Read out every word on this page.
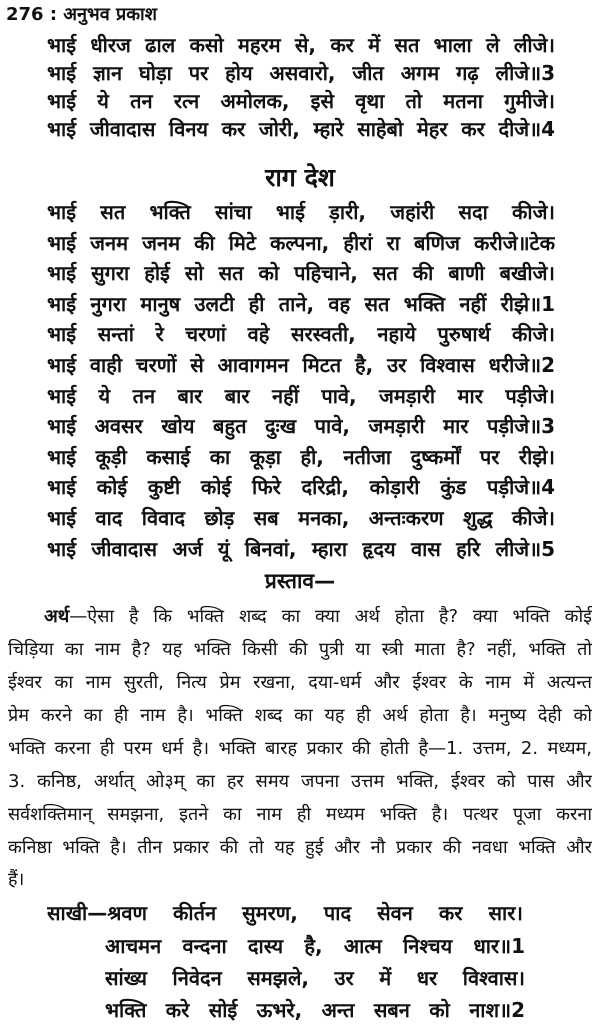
276 : अनुभव प्रकाश
भाई धीरज ढाल कसो महरम से, कर में सत भाला ले लीजे।
भाई ज्ञान घोड़ा पर होय असवारो, जीत अगम गढ़ लीजे॥3
भाई ये तन रत्न अमोलक, इसे वृथा तो मतना गुमीजे।
भाई जीवादास विनय कर जोरी, म्हारे साहेबो मेहर कर दीजे॥4
राग देश
भाई सत भक्ति सांचा भाई ड़ारी, जहांरी सदा कीजे।
भाई जनम जनम की मिटे कल्पना, हीरां रा बणिज करीजे॥टेक
भाई सुगरा होई सो सत को पहिचाने, सत की बाणी बखीजे।
भाई नुगरा मानुष उलटी ही ताने, वह सत भक्ति नहीं रीझे॥1
भाई सन्तां रे चरणां वहे सरस्वती, नहाये पुरुषार्थ कीजे।
भाई वाही चरणों से आवागमन मिटत है, उर विश्वास धरीजे॥2
भाई ये तन बार बार नहीं पावे, जमड़ारी मार पड़ीजे।
भाई अवसर खोय बहुत दुःख पावे, जमड़ारी मार पड़ीजे॥3
भाई कूड़ी कसाई का कूड़ा ही, नतीजा दुष्कर्मों पर रीझे।
भाई कोई कुष्टी कोई फिरे दरिद्री, कोड़ारी कुंड पड़ीजे॥4
भाई वाद विवाद छोड़ सब मनका, अन्तःकरण शुद्ध कीजे।
भाई जीवादास अर्ज यूं बिनवां, म्हारा हृदय वास हरि लीजे॥5
प्रस्ताव—
अर्थ—ऐसा है कि भक्ति शब्द का क्या अर्थ होता है? क्या भक्ति कोई
चिड़िया का नाम है? यह भक्ति किसी की पुत्री या स्त्री माता है? नहीं, भक्ति तो
ईश्वर का नाम सुरती, नित्य प्रेम रखना, दया-धर्म और ईश्वर के नाम में अत्यन्त
प्रेम करने का ही नाम है। भक्ति शब्द का यह ही अर्थ होता है। मनुष्य देही को
भक्ति करना ही परम धर्म है। भक्ति बारह प्रकार की होती है—1. उत्तम, 2. मध्यम,
3. कनिष्ठ, अर्थात् ओ३म् का हर समय जपना उत्तम भक्ति, ईश्वर को पास और
सर्वशक्तिमान् समझना, इतने का नाम ही मध्यम भक्ति है। पत्थर पूजा करना
कनिष्ठा भक्ति है। तीन प्रकार की तो यह हुई और नौ प्रकार की नवधा भक्ति और
हैं।
साखी—श्रवण कीर्तन सुमरण, पाद सेवन कर सार।
आचमन वन्दना दास्य है, आत्म निश्चय धार॥1
सांख्य निवेदन समझले, उर में धर विश्वास।
भक्ति करे सोई ऊभरे, अन्त सबन को नाश॥2
